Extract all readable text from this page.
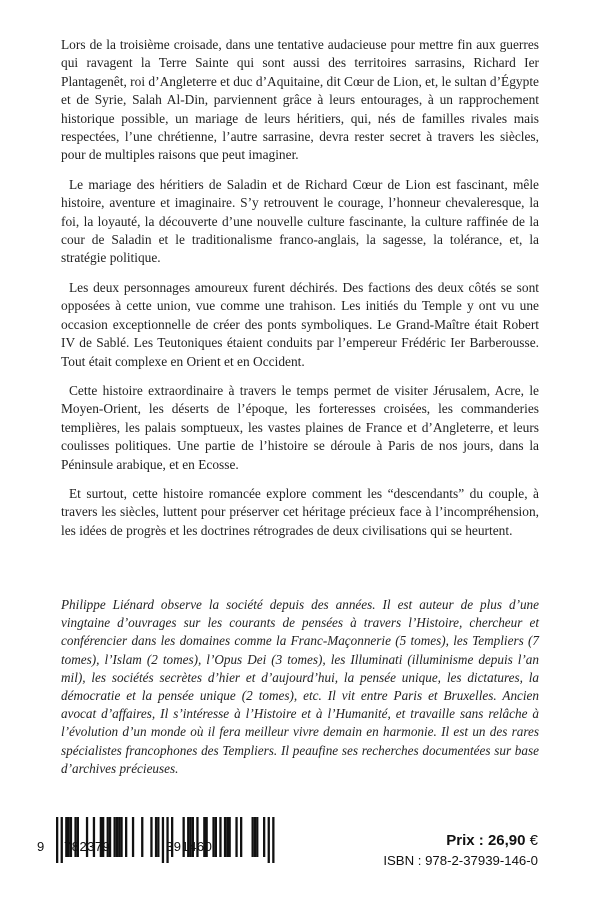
Lors de la troisième croisade, dans une tentative audacieuse pour mettre fin aux guerres qui ravagent la Terre Sainte qui sont aussi des territoires sarrasins, Richard Ier Plantagenêt, roi d’Angleterre et duc d’Aquitaine, dit Cœur de Lion, et, le sultan d’Égypte et de Syrie, Salah Al-Din, parviennent grâce à leurs entourages, à un rapprochement historique possible, un mariage de leurs héritiers, qui, nés de familles rivales mais respectées, l’une chrétienne, l’autre sarrasine, devra rester secret à travers les siècles, pour de multiples raisons que peut imaginer.

Le mariage des héritiers de Saladin et de Richard Cœur de Lion est fascinant, mêle histoire, aventure et imaginaire. S’y retrouvent le courage, l’honneur chevaleresque, la foi, la loyauté, la découverte d’une nouvelle culture fascinante, la culture raffinée de la cour de Saladin et le traditionalisme franco-anglais, la sagesse, la tolérance, et, la stratégie politique.

Les deux personnages amoureux furent déchirés. Des factions des deux côtés se sont opposées à cette union, vue comme une trahison. Les initiés du Temple y ont vu une occasion exceptionnelle de créer des ponts symboliques. Le Grand-Maître était Robert IV de Sablé. Les Teutoniques étaient conduits par l’empereur Frédéric Ier Barberousse. Tout était complexe en Orient et en Occident.

Cette histoire extraordinaire à travers le temps permet de visiter Jérusalem, Acre, le Moyen-Orient, les déserts de l’époque, les forteresses croisées, les commanderies templières, les palais somptueux, les vastes plaines de France et d’Angleterre, et leurs coulisses politiques. Une partie de l’histoire se déroule à Paris de nos jours, dans la Péninsule arabique, et en Ecosse.

Et surtout, cette histoire romancée explore comment les “descendants” du couple, à travers les siècles, luttent pour préserver cet héritage précieux face à l’incompréhension, les idées de progrès et les doctrines rétrogrades de deux civilisations qui se heurtent.

Philippe Liénard observe la société depuis des années. Il est auteur de plus d’une vingtaine d’ouvrages sur les courants de pensées à travers l’Histoire, chercheur et conférencier dans les domaines comme la Franc-Maçonnerie (5 tomes), les Templiers (7 tomes), l’Islam (2 tomes), l’Opus Dei (3 tomes), les Illuminati (illuminisme depuis l’an mil), les sociétés secrètes d’hier et d’aujourd’hui, la pensée unique, les dictatures, la démocratie et la pensée unique (2 tomes), etc. Il vit entre Paris et Bruxelles. Ancien avocat d’affaires, Il s’intéresse à l’Histoire et à l’Humanité, et travaille sans relâche à l’évolution d’un monde où il fera meilleur vivre demain en harmonie. Il est un des rares spécialistes francophones des Templiers. Il peaufine ses recherches documentées sur base d’archives précieuses.

9 782379	391460	Prix : 26,90 €
ISBN : 978-2-37939-146-0
